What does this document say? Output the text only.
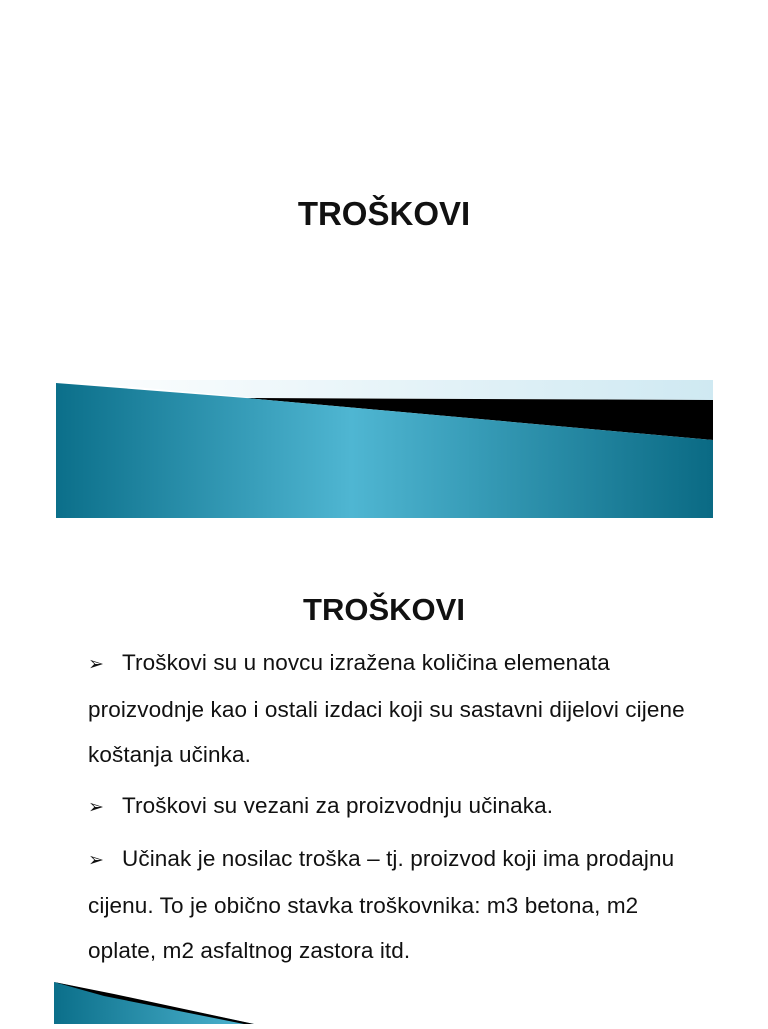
TROŠKOVI
TROŠKOVI
➢ Troškovi su u novcu izražena količina elemenata proizvodnje kao i ostali izdaci koji su sastavni dijelovi cijene koštanja učinka.
➢ Troškovi su vezani za proizvodnju učinaka.
➢ Učinak je nosilac troška – tj. proizvod koji ima prodajnu cijenu. To je obično stavka troškovnika: m3 betona, m2 oplate, m2 asfaltnog zastora itd.
